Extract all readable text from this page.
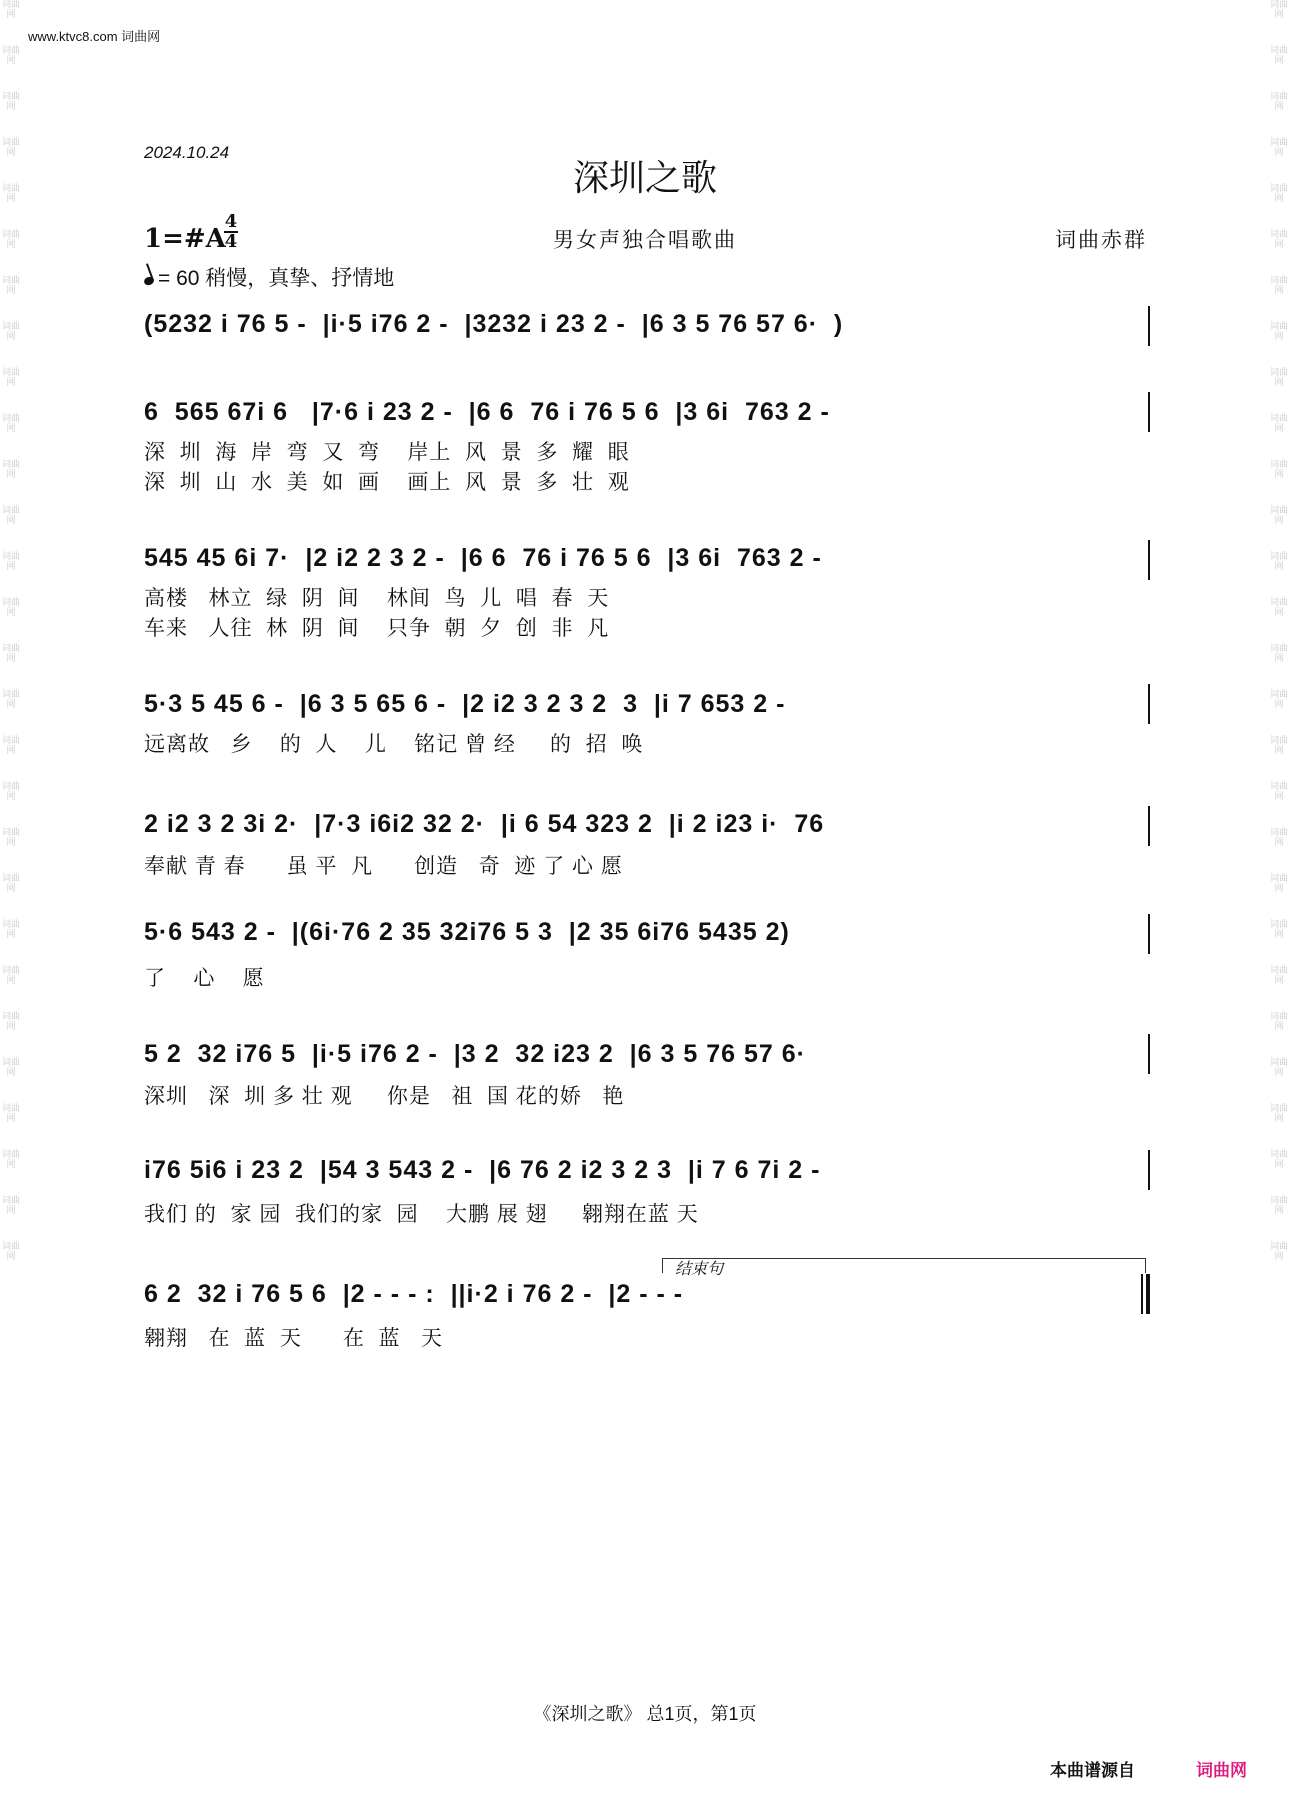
词曲网
词曲网
词曲网
词曲网
词曲网
词曲网
词曲网
词曲网
词曲网
词曲网
词曲网
词曲网
词曲网
词曲网
词曲网
词曲网
词曲网
词曲网
词曲网
词曲网
词曲网
词曲网
词曲网
词曲网
词曲网
词曲网
词曲网
词曲网
词曲网
词曲网
词曲网
词曲网
词曲网
词曲网
词曲网
词曲网
词曲网
词曲网
词曲网
词曲网
词曲网
词曲网
词曲网
词曲网
词曲网
词曲网
词曲网
词曲网
词曲网
词曲网
词曲网
词曲网
词曲网
词曲网
词曲网
词曲网
www.ktvc8.com 词曲网
2024.10.24
深圳之歌
1=#A
4
4	男女声独合唱歌曲	词曲赤群
= 60 稍慢，真挚、抒情地
(5232 i 76 5 -  |i·5 i76 2 -  |3232 i 23 2 -  |6 3 5 76 57 6·  )
6  565 67i 6   |7·6 i 23 2 -  |6 6  76 i 76 5 6  |3 6i  763 2 -
深  圳  海  岸  弯  又  弯    岸上  风  景  多  耀  眼
深  圳  山  水  美  如  画    画上  风  景  多  壮  观
545 45 6i 7·  |2 i2 2 3 2 -  |6 6  76 i 76 5 6  |3 6i  763 2 -
高楼   林立  绿  阴  间    林间  鸟  儿  唱  春  天
车来   人往  林  阴  间    只争  朝  夕  创  非  凡
5·3 5 45 6 -  |6 3 5 65 6 -  |2 i2 3 2 3 2  3  |i 7 653 2 -
远离故   乡    的  人    儿    铭记 曾 经     的  招  唤
2 i2 3 2 3i 2·  |7·3 i6i2 32 2·  |i 6 54 323 2  |i 2 i23 i·  76
奉献 青 春      虽 平  凡      创造   奇  迹 了 心 愿
5·6 543 2 -  |(6i·76 2 35 32i76 5 3  |2 35 6i76 5435 2)
了    心    愿
5 2  32 i76 5  |i·5 i76 2 -  |3 2  32 i23 2  |6 3 5 76 57 6·
深圳   深  圳 多 壮 观     你是   祖  国 花的娇   艳
i76 5i6 i 23 2  |54 3 543 2 -  |6 76 2 i2 3 2 3  |i 7 6 7i 2 -
我们 的  家 园  我们的家  园    大鹏 展 翅     翱翔在蓝 天
结束句
6 2  32 i 76 5 6  |2 - - - :  ||i·2 i 76 2 -  |2 - - -
翱翔   在  蓝  天      在  蓝   天
《深圳之歌》 总1页，第1页
本曲谱源自	词曲网
